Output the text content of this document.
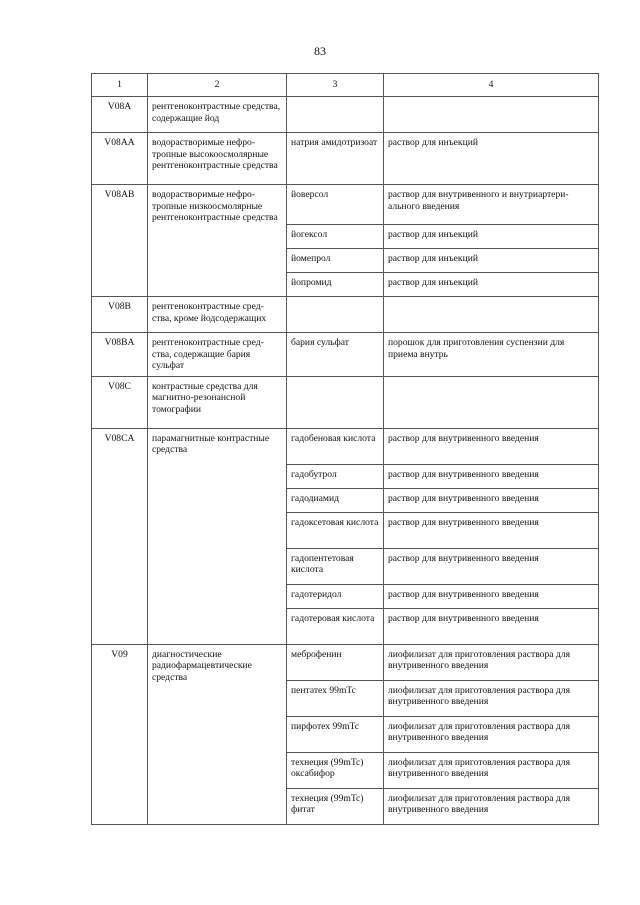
83
1	2	3	4
V08A	рентгеноконтрастные средства, содержащие йод		
V08AA	водорастворимые нефро-тропные высокоосмолярные рентгеноконтрастные средства	натрия амидотризоат	раствор для инъекций
V08AB	водорастворимые нефро-тропные низкоосмолярные рентгеноконтрастные средства	йоверсол	раствор для внутривенного и внутриартери-ального введения
		йогексол	раствор для инъекций
		йомепрол	раствор для инъекций
		йопромид	раствор для инъекций
V08B	рентгеноконтрастные сред-ства, кроме йодсодержащих		
V08BA	рентгеноконтрастные сред-ства, содержащие бария сульфат	бария сульфат	порошок для приготовления суспензии для приема внутрь
V08C	контрастные средства для магнитно-резонансной томографии		
V08CA	парамагнитные контрастные средства	гадобеновая кислота	раствор для внутривенного введения
		гадобутрол	раствор для внутривенного введения
		гадодиамид	раствор для внутривенного введения
		гадоксетовая кислота	раствор для внутривенного введения
		гадопентетовая кислота	раствор для внутривенного введения
		гадотеридол	раствор для внутривенного введения
		гадотеровая кислота	раствор для внутривенного введения
V09	диагностические радиофармацевтические средства	меброфенин	лиофилизат для приготовления раствора для внутривенного введения
		пентатех 99mTc	лиофилизат для приготовления раствора для внутривенного введения
		пирфотех 99mTc	лиофилизат для приготовления раствора для внутривенного введения
		технеция (99mTc) оксабифор	лиофилизат для приготовления раствора для внутривенного введения
		технеция (99mTc) фитат	лиофилизат для приготовления раствора для внутривенного введения
